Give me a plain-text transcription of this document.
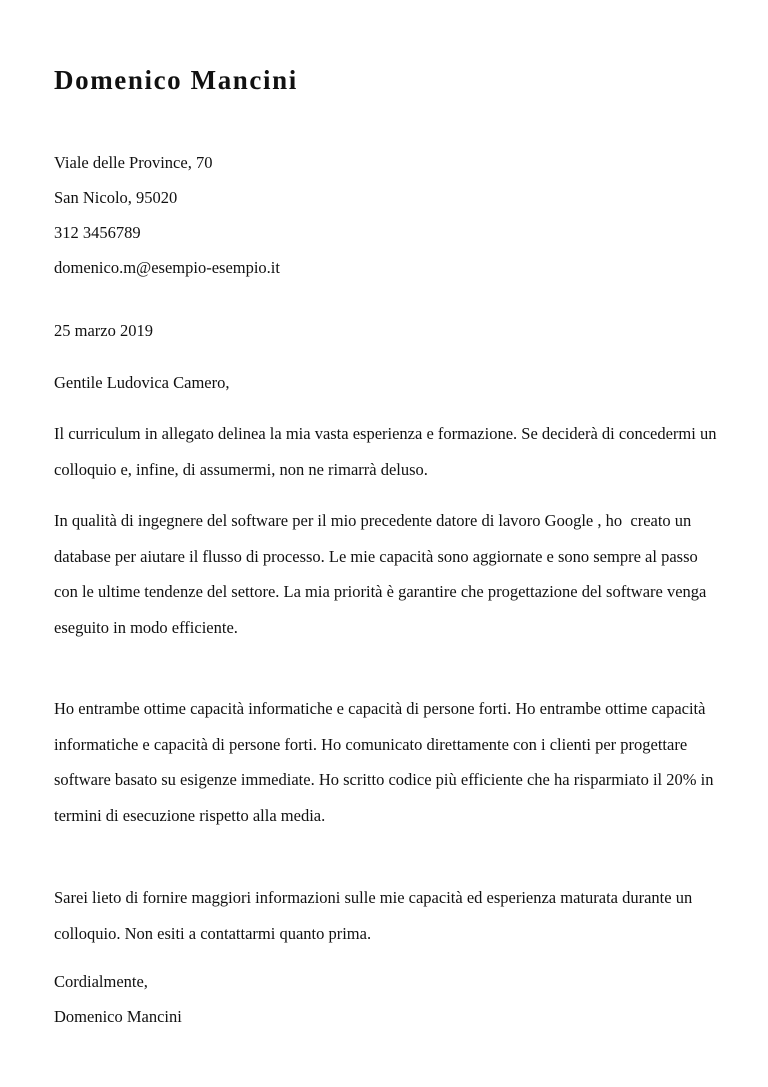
Domenico Mancini
Viale delle Province, 70
San Nicolo, 95020
312 3456789
domenico.m@esempio-esempio.it
25 marzo 2019
Gentile Ludovica Camero,

Il curriculum in allegato delinea la mia vasta esperienza e formazione. Se deciderà di concedermi un colloquio e, infine, di assumermi, non ne rimarrà deluso.

In qualità di ingegnere del software per il mio precedente datore di lavoro Google , ho  creato un database per aiutare il flusso di processo. Le mie capacità sono aggiornate e sono sempre al passo con le ultime tendenze del settore. La mia priorità è garantire che progettazione del software venga eseguito in modo efficiente.

Ho entrambe ottime capacità informatiche e capacità di persone forti. Ho entrambe ottime capacità informatiche e capacità di persone forti. Ho comunicato direttamente con i clienti per progettare software basato su esigenze immediate. Ho scritto codice più efficiente che ha risparmiato il 20% in termini di esecuzione rispetto alla media.

Sarei lieto di fornire maggiori informazioni sulle mie capacità ed esperienza maturata durante un colloquio. Non esiti a contattarmi quanto prima.

Cordialmente,
Domenico Mancini
